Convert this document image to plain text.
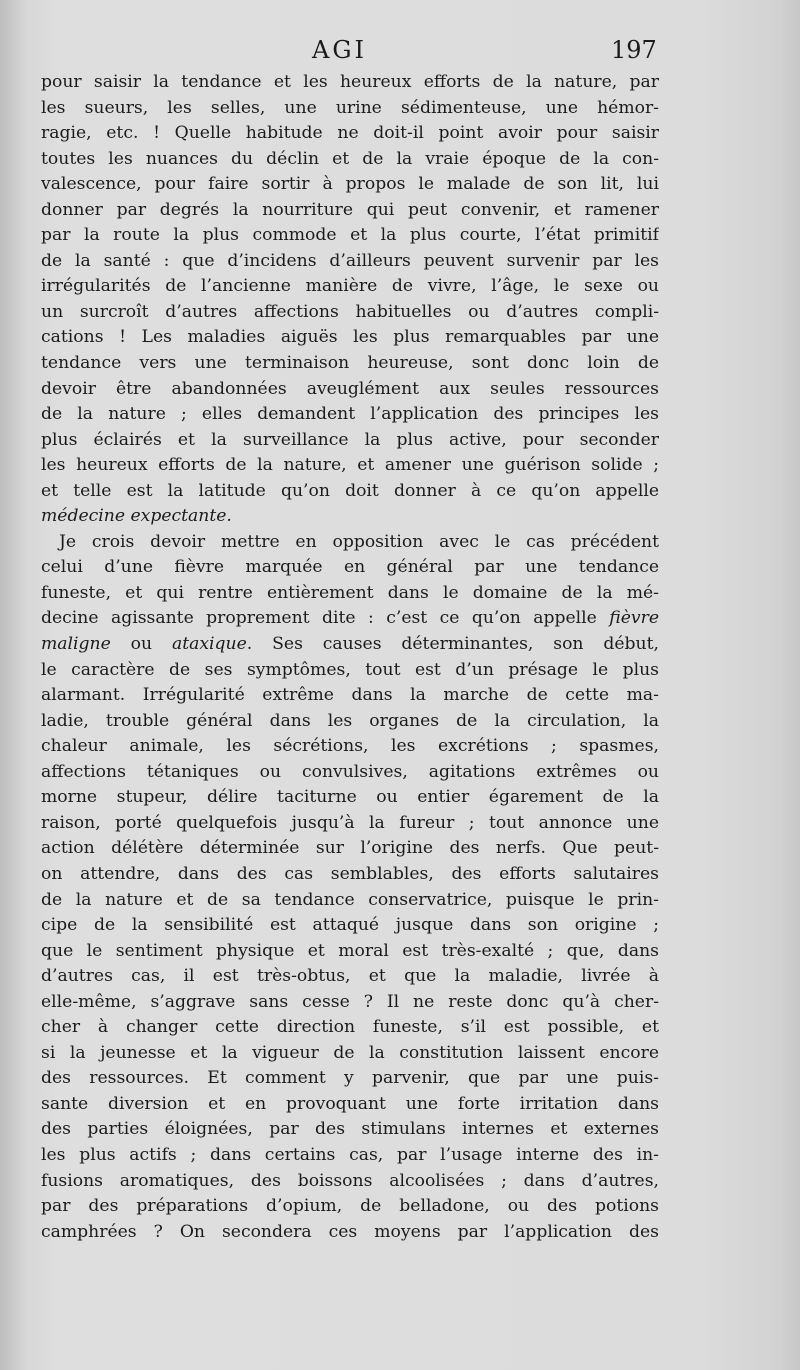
AGI	197
pour saisir la tendance et les heureux efforts de la nature, par
les sueurs, les selles, une urine sédimenteuse, une hémor-
ragie, etc. ! Quelle habitude ne doit-il point avoir pour saisir
toutes les nuances du déclin et de la vraie époque de la con-
valescence, pour faire sortir à propos le malade de son lit, lui
donner par degrés la nourriture qui peut convenir, et ramener
par la route la plus commode et la plus courte, l’état primitif
de la santé : que d’incidens d’ailleurs peuvent survenir par les
irrégularités de l’ancienne manière de vivre, l’âge, le sexe ou
un surcroît d’autres affections habituelles ou d’autres compli-
cations ! Les maladies aiguës les plus remarquables par une
tendance vers une terminaison heureuse, sont donc loin de
devoir être abandonnées aveuglément aux seules ressources
de la nature ; elles demandent l’application des principes les
plus éclairés et la surveillance la plus active, pour seconder
les heureux efforts de la nature, et amener une guérison solide ;
et telle est la latitude qu’on doit donner à ce qu’on appelle
médecine expectante.
Je crois devoir mettre en opposition avec le cas précédent
celui d’une fièvre marquée en général par une tendance
funeste, et qui rentre entièrement dans le domaine de la mé-
decine agissante proprement dite : c’est ce qu’on appelle fièvre
maligne ou ataxique. Ses causes déterminantes, son début,
le caractère de ses symptômes, tout est d’un présage le plus
alarmant. Irrégularité extrême dans la marche de cette ma-
ladie, trouble général dans les organes de la circulation, la
chaleur animale, les sécrétions, les excrétions ; spasmes,
affections tétaniques ou convulsives, agitations extrêmes ou
morne stupeur, délire taciturne ou entier égarement de la
raison, porté quelquefois jusqu’à la fureur ; tout annonce une
action délétère déterminée sur l’origine des nerfs. Que peut-
on attendre, dans des cas semblables, des efforts salutaires
de la nature et de sa tendance conservatrice, puisque le prin-
cipe de la sensibilité est attaqué jusque dans son origine ;
que le sentiment physique et moral est très-exalté ; que, dans
d’autres cas, il est très-obtus, et que la maladie, livrée à
elle-même, s’aggrave sans cesse ? Il ne reste donc qu’à cher-
cher à changer cette direction funeste, s’il est possible, et
si la jeunesse et la vigueur de la constitution laissent encore
des ressources. Et comment y parvenir, que par une puis-
sante diversion et en provoquant une forte irritation dans
des parties éloignées, par des stimulans internes et externes
les plus actifs ; dans certains cas, par l’usage interne des in-
fusions aromatiques, des boissons alcoolisées ; dans d’autres,
par des préparations d’opium, de belladone, ou des potions
camphrées ? On secondera ces moyens par l’application des
